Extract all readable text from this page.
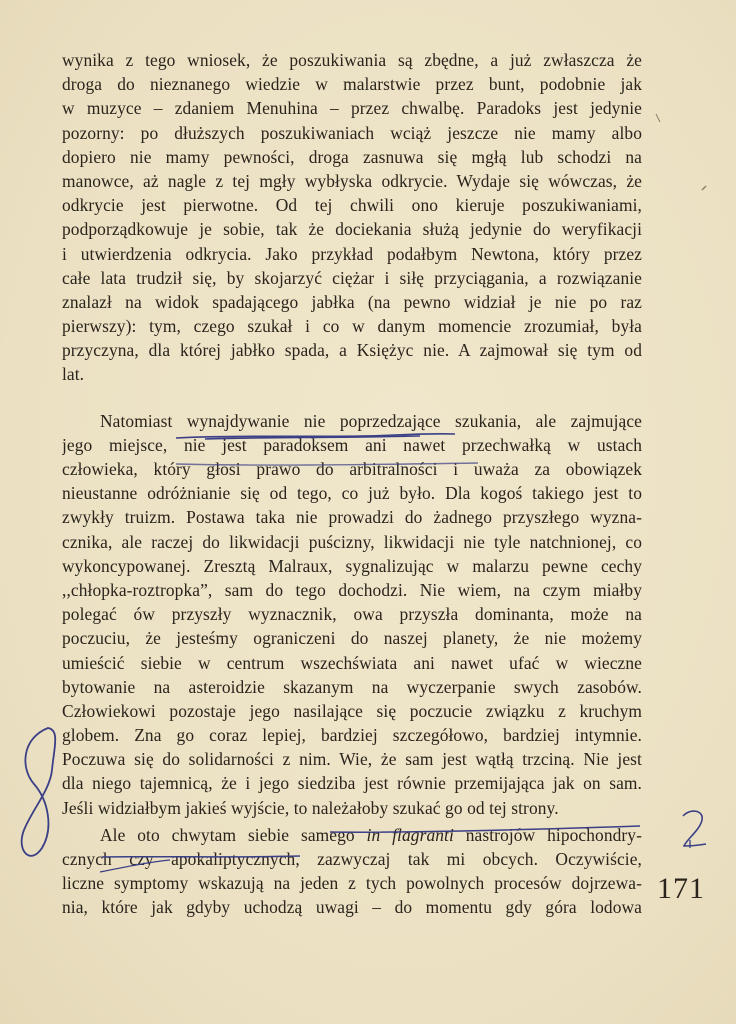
wynika z tego wniosek, że poszukiwania są zbędne, a już zwłaszcza że
droga do nieznanego wiedzie w malarstwie przez bunt, podobnie jak
w muzyce – zdaniem Menuhina – przez chwalbę. Paradoks jest jedynie
pozorny: po dłuższych poszukiwaniach wciąż jeszcze nie mamy albo
dopiero nie mamy pewności, droga zasnuwa się mgłą lub schodzi na
manowce, aż nagle z tej mgły wybłyska odkrycie. Wydaje się wówczas, że
odkrycie jest pierwotne. Od tej chwili ono kieruje poszukiwaniami,
podporządkowuje je sobie, tak że dociekania służą jedynie do weryfikacji
i utwierdzenia odkrycia. Jako przykład podałbym Newtona, który przez
całe lata trudził się, by skojarzyć ciężar i siłę przyciągania, a rozwiązanie
znalazł na widok spadającego jabłka (na pewno widział je nie po raz
pierwszy): tym, czego szukał i co w danym momencie zrozumiał, była
przyczyna, dla której jabłko spada, a Księżyc nie. A zajmował się tym od
lat.
Natomiast wynajdywanie nie poprzedzające szukania, ale zajmujące
jego miejsce, nie jest paradoksem ani nawet przechwałką w ustach
człowieka, który głosi prawo do arbitralności i uważa za obowiązek
nieustanne odróżnianie się od tego, co już było. Dla kogoś takiego jest to
zwykły truizm. Postawa taka nie prowadzi do żadnego przyszłego wyzna-
cznika, ale raczej do likwidacji puścizny, likwidacji nie tyle natchnionej, co
wykoncypowanej. Zresztą Malraux, sygnalizując w malarzu pewne cechy
,,chłopka-roztropka”, sam do tego dochodzi. Nie wiem, na czym miałby
polegać ów przyszły wyznacznik, owa przyszła dominanta, może na
poczuciu, że jesteśmy ograniczeni do naszej planety, że nie możemy
umieścić siebie w centrum wszechświata ani nawet ufać w wieczne
bytowanie na asteroidzie skazanym na wyczerpanie swych zasobów.
Człowiekowi pozostaje jego nasilające się poczucie związku z kruchym
globem. Zna go coraz lepiej, bardziej szczegółowo, bardziej intymnie.
Poczuwa się do solidarności z nim. Wie, że sam jest wątłą trzciną. Nie jest
dla niego tajemnicą, że i jego siedziba jest równie przemijająca jak on sam.
Jeśli widziałbym jakieś wyjście, to należałoby szukać go od tej strony.
Ale oto chwytam siebie samego in flagranti nastrojów hipochondry-
cznych czy apokaliptycznych, zazwyczaj tak mi obcych. Oczywiście,
liczne symptomy wskazują na jeden z tych powolnych procesów dojrzewa-
nia, które jak gdyby uchodzą uwagi – do momentu gdy góra lodowa
171
